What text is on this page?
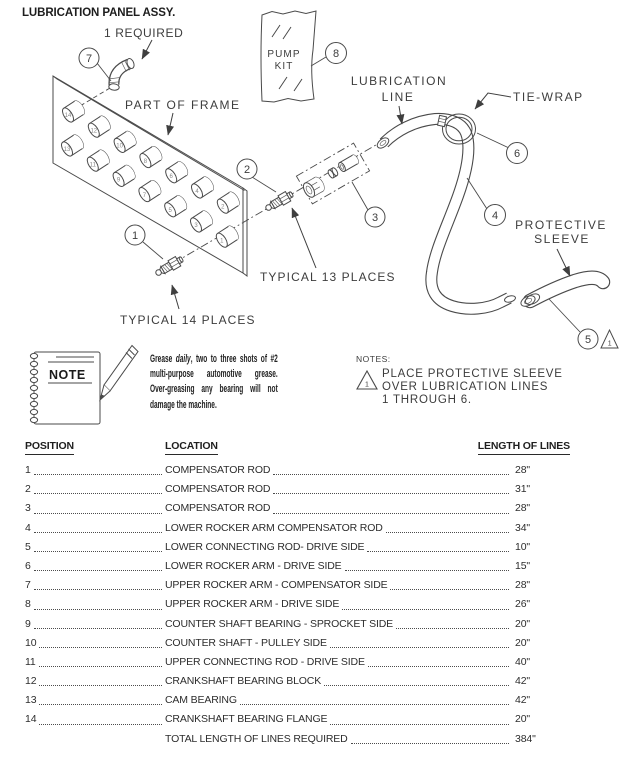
14
12
10
8
6
4
2
13
11
9
7
5
3
1
PUMP
KIT
7	8
2
3
1
6
4
5 1
LUBRICATION PANEL ASSY.
1 REQUIRED
PART OF FRAME
LUBRICATION
LINE	TIE-WRAP
PROTECTIVE
SLEEVE
TYPICAL 13 PLACES
TYPICAL 14 PLACES
NOTE
Grease daily, two to three shots of #2
multi-purpose automotive grease.
Over-greasing any bearing will not
damage the machine.
NOTES:
1
PLACE PROTECTIVE SLEEVE
OVER LUBRICATION LINES
1 THROUGH 6.
POSITION	LOCATION	LENGTH OF LINES
1	COMPENSATOR ROD	28"
2	COMPENSATOR ROD	31"
3	COMPENSATOR ROD	28"
4	LOWER ROCKER ARM COMPENSATOR ROD	34"
5	LOWER CONNECTING ROD- DRIVE SIDE	10"
6	LOWER ROCKER ARM - DRIVE SIDE	15"
7	UPPER ROCKER ARM - COMPENSATOR SIDE	28"
8	UPPER ROCKER ARM - DRIVE SIDE	26"
9	COUNTER SHAFT BEARING - SPROCKET SIDE	20"
10	COUNTER SHAFT - PULLEY SIDE	20"
11	UPPER CONNECTING ROD - DRIVE SIDE	40"
12	CRANKSHAFT BEARING BLOCK	42"
13	CAM BEARING	42"
14	CRANKSHAFT BEARING FLANGE	20"
TOTAL LENGTH OF LINES REQUIRED	384"
